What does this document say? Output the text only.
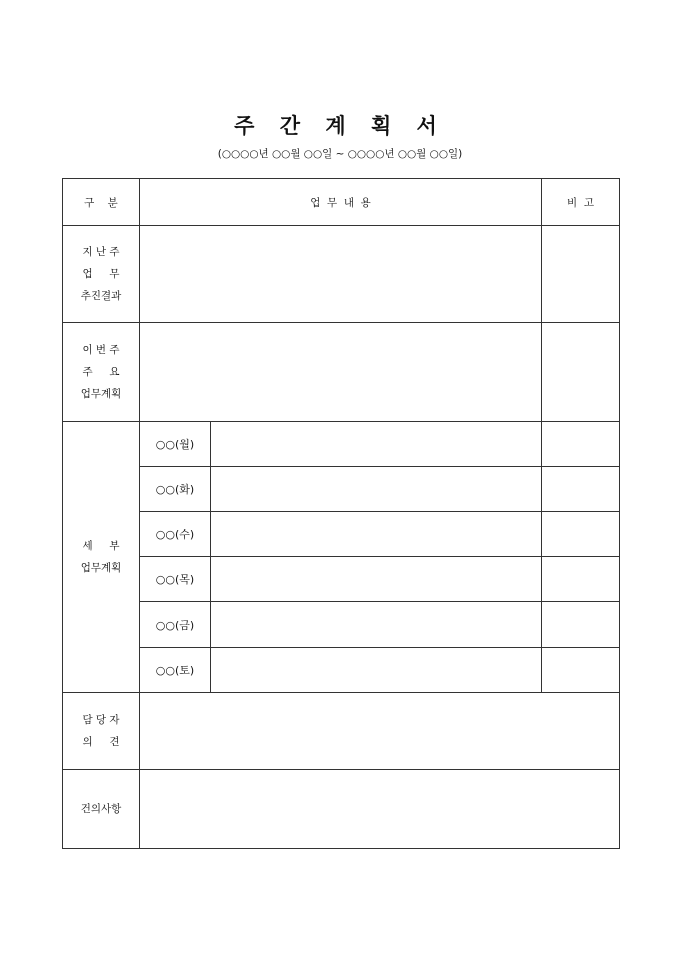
주 간 계 획 서
(○○○○년 ○○월 ○○일 ~ ○○○○년 ○○월 ○○일)
구    분	업  무  내  용		비  고

지 난 주
업     무
추진결과			

이 번 주
주     요
업무계획			

세     부
업무계획	○○(월)		
	○○(화)		
	○○(수)		
	○○(목)		
	○○(금)		
	○○(토)		

담 당 자
의     견			

건의사항			
